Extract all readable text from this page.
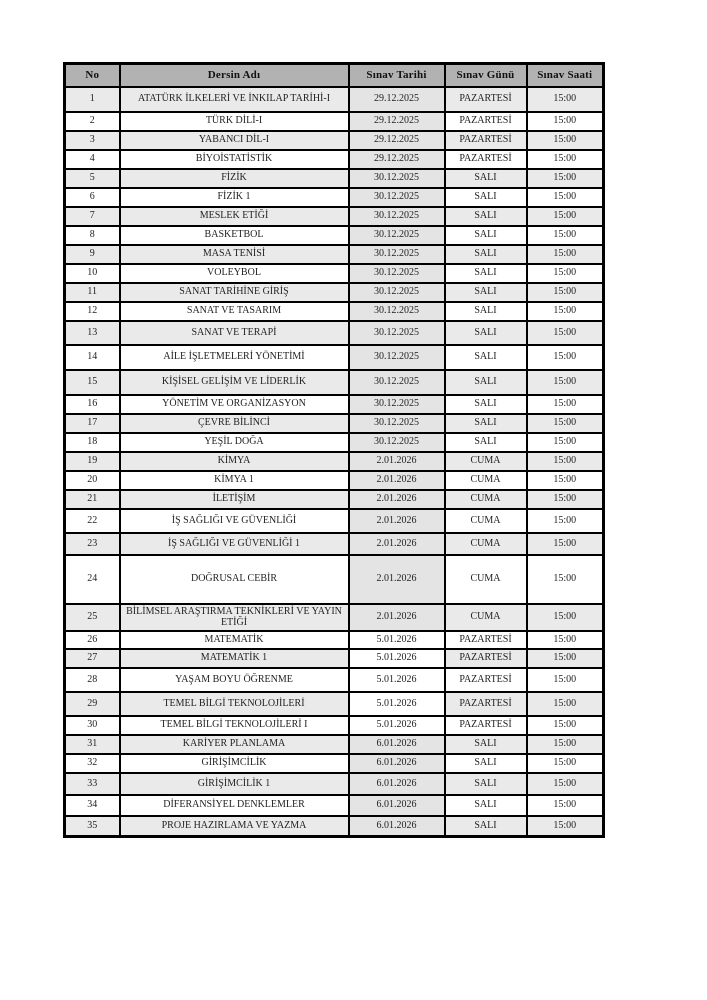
No	Dersin Adı	Sınav Tarihi	Sınav Günü	Sınav Saati
1	ATATÜRK İLKELERİ VE İNKILAP TARİHİ-I	29.12.2025	PAZARTESİ	15:00
2	TÜRK DİLİ-I	29.12.2025	PAZARTESİ	15:00
3	YABANCI DİL-I	29.12.2025	PAZARTESİ	15:00
4	BİYOİSTATİSTİK	29.12.2025	PAZARTESİ	15:00
5	FİZİK	30.12.2025	SALI	15:00
6	FİZİK 1	30.12.2025	SALI	15:00
7	MESLEK ETİĞİ	30.12.2025	SALI	15:00
8	BASKETBOL	30.12.2025	SALI	15:00
9	MASA TENİSİ	30.12.2025	SALI	15:00
10	VOLEYBOL	30.12.2025	SALI	15:00
11	SANAT TARİHİNE GİRİŞ	30.12.2025	SALI	15:00
12	SANAT VE TASARIM	30.12.2025	SALI	15:00
13	SANAT VE TERAPİ	30.12.2025	SALI	15:00
14	AİLE İŞLETMELERİ YÖNETİMİ	30.12.2025	SALI	15:00
15	KİŞİSEL GELİŞİM VE LİDERLİK	30.12.2025	SALI	15:00
16	YÖNETİM VE ORGANİZASYON	30.12.2025	SALI	15:00
17	ÇEVRE BİLİNCİ	30.12.2025	SALI	15:00
18	YEŞİL DOĞA	30.12.2025	SALI	15:00
19	KİMYA	2.01.2026	CUMA	15:00
20	KİMYA 1	2.01.2026	CUMA	15:00
21	İLETİŞİM	2.01.2026	CUMA	15:00
22	İŞ SAĞLIĞI VE GÜVENLİĞİ	2.01.2026	CUMA	15:00
23	İŞ SAĞLIĞI VE GÜVENLİĞİ 1	2.01.2026	CUMA	15:00
24	DOĞRUSAL CEBİR	2.01.2026	CUMA	15:00
25	BİLİMSEL ARAŞTIRMA TEKNİKLERİ VE YAYIN ETİĞİ	2.01.2026	CUMA	15:00
26	MATEMATİK	5.01.2026	PAZARTESİ	15:00
27	MATEMATİK 1	5.01.2026	PAZARTESİ	15:00
28	YAŞAM BOYU ÖĞRENME	5.01.2026	PAZARTESİ	15:00
29	TEMEL BİLGİ TEKNOLOJİLERİ	5.01.2026	PAZARTESİ	15:00
30	TEMEL BİLGİ TEKNOLOJİLERİ I	5.01.2026	PAZARTESİ	15:00
31	KARİYER PLANLAMA	6.01.2026	SALI	15:00
32	GİRİŞİMCİLİK	6.01.2026	SALI	15:00
33	GİRİŞİMCİLİK 1	6.01.2026	SALI	15:00
34	DİFERANSİYEL DENKLEMLER	6.01.2026	SALI	15:00
35	PROJE HAZIRLAMA VE YAZMA	6.01.2026	SALI	15:00
